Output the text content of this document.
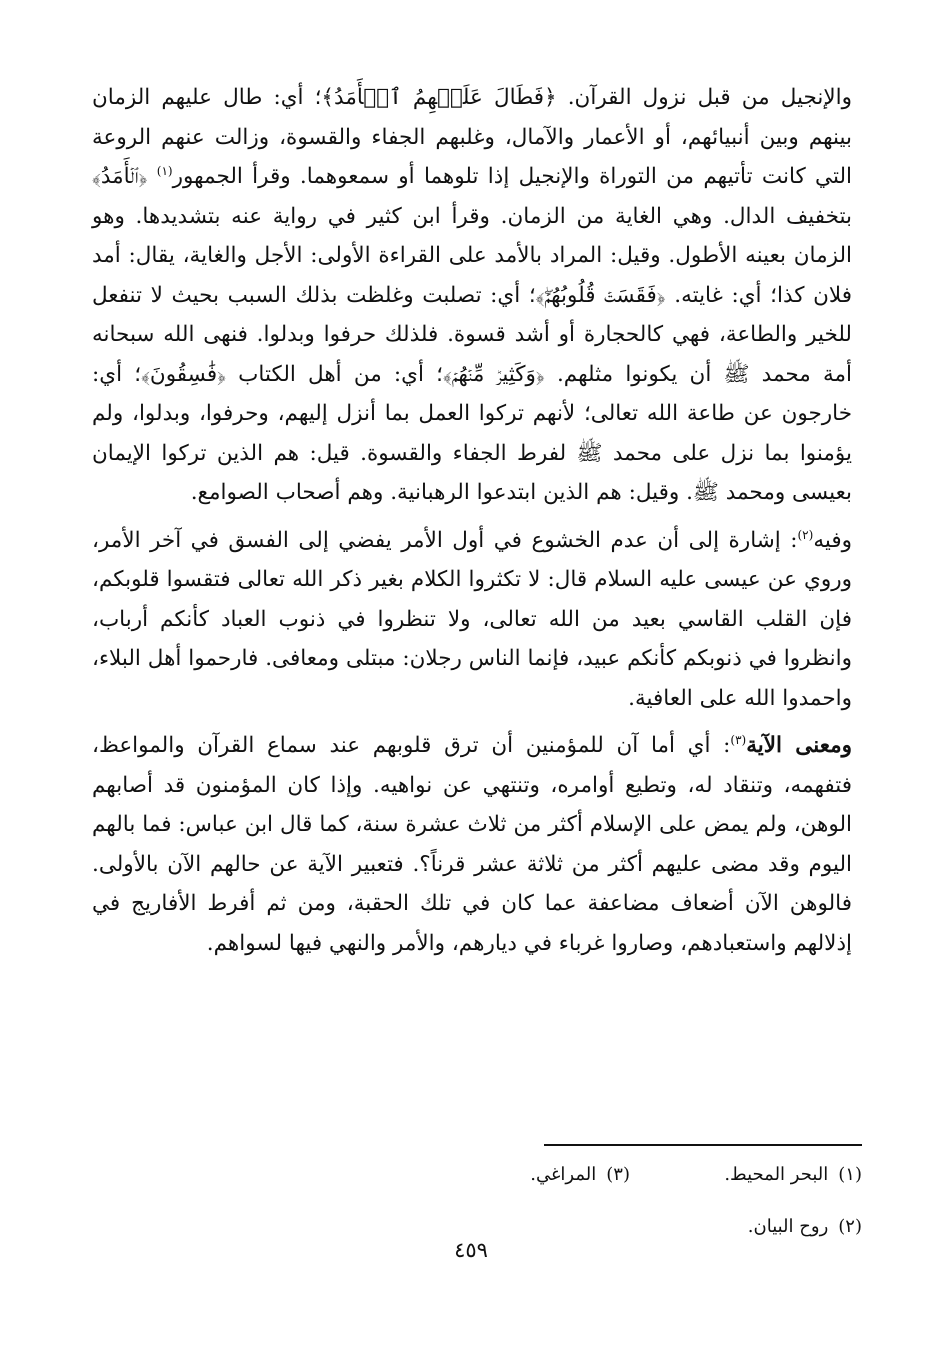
والإنجيل من قبل نزول القرآن. ﴿فَطَالَ عَلَيۡهِمُ ٱلۡأَمَدُ﴾؛ أي: طال عليهم الزمان بينهم وبين أنبيائهم، أو الأعمار والآمال، وغلبهم الجفاء والقسوة، وزالت عنهم الروعة التي كانت تأتيهم من التوراة والإنجيل إذا تلوهما أو سمعوهما. وقرأ الجمهور$^{(١)}$ ﴿ٱلۡأَمَدُ﴾ بتخفيف الدال. وهي الغاية من الزمان. وقرأ ابن كثير في رواية عنه بتشديدها. وهو الزمان بعينه الأطول. وقيل: المراد بالأمد على القراءة الأولى: الأجل والغاية، يقال: أمد فلان كذا؛ أي: غايته. ﴿فَقَسَتۡ قُلُوبُهُمۡۖ﴾؛ أي: تصلبت وغلظت بذلك السبب بحيث لا تنفعل للخير والطاعة، فهي كالحجارة أو أشد قسوة. فلذلك حرفوا وبدلوا. فنهى الله سبحانه أمة محمد ﷺ أن يكونوا مثلهم. ﴿وَكَثِيرٞ مِّنۡهُمۡ﴾؛ أي: من أهل الكتاب ﴿فَٰسِقُونَ﴾؛ أي: خارجون عن طاعة الله تعالى؛ لأنهم تركوا العمل بما أنزل إليهم، وحرفوا، وبدلوا، ولم يؤمنوا بما نزل على محمد ﷺ لفرط الجفاء والقسوة. قيل: هم الذين تركوا الإيمان بعيسى ومحمد ﷺ. وقيل: هم الذين ابتدعوا الرهبانية. وهم أصحاب الصوامع.

وفيه$^{(٢)}$: إشارة إلى أن عدم الخشوع في أول الأمر يفضي إلى الفسق في آخر الأمر، وروي عن عيسى عليه السلام قال: لا تكثروا الكلام بغير ذكر الله تعالى فتقسوا قلوبكم، فإن القلب القاسي بعيد من الله تعالى، ولا تنظروا في ذنوب العباد كأنكم أرباب، وانظروا في ذنوبكم كأنكم عبيد، فإنما الناس رجلان: مبتلى ومعافى. فارحموا أهل البلاء، واحمدوا الله على العافية.

ومعنى الآية$^{(٣)}$: أي أما آن للمؤمنين أن ترق قلوبهم عند سماع القرآن والمواعظ، فتفهمه، وتنقاد له، وتطيع أوامره، وتنتهي عن نواهيه. وإذا كان المؤمنون قد أصابهم الوهن، ولم يمض على الإسلام أكثر من ثلاث عشرة سنة، كما قال ابن عباس: فما بالهم اليوم وقد مضى عليهم أكثر من ثلاثة عشر قرناً؟. فتعبير الآية عن حالهم الآن بالأولى. فالوهن الآن أضعاف مضاعفة عما كان في تلك الحقبة، ومن ثم أفرط الأفاريج في إذلالهم واستعبادهم، وصاروا غرباء في ديارهم، والأمر والنهي فيها لسواهم.

(١)البحر المحيط.
(٣)المراغي.
(٢)روح البيان.
٤٥٩
